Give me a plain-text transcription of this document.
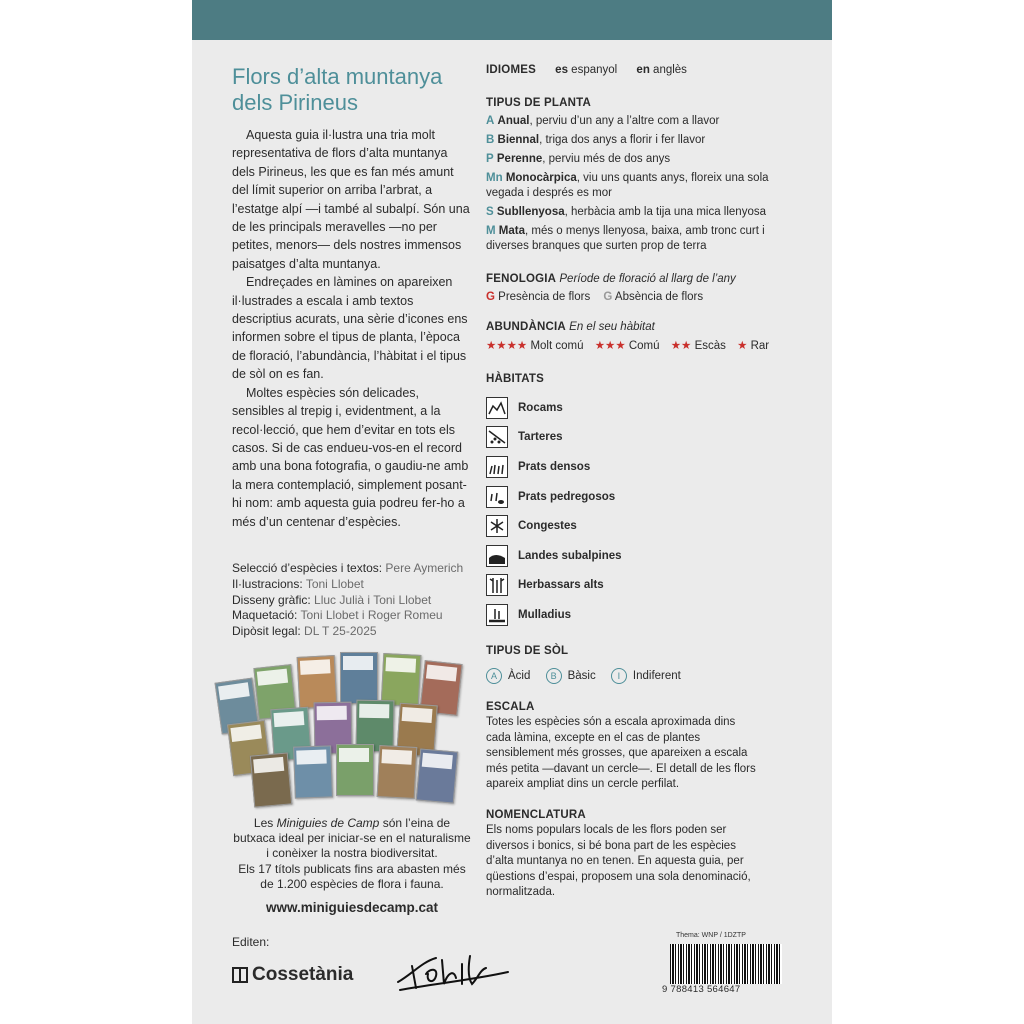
Flors d’alta muntanya
dels Pirineus

Aquesta guia il·lustra una tria molt representativa de flors d’alta muntanya dels Pirineus, les que es fan més amunt del límit superior on arriba l’arbrat, a l’estatge alpí —i també al subalpí. Són una de les principals meravelles —no per petites, menors— dels nostres immensos paisatges d’alta muntanya.

Endreçades en làmines on apareixen il·lustrades a escala i amb textos descriptius acurats, una sèrie d’icones ens informen sobre el tipus de planta, l’època de floració, l’abundància, l’hàbitat i el tipus de sòl on es fan.

Moltes espècies són delicades, sensibles al trepig i, evidentment, a la recol·lecció, que hem d’evitar en tots els casos. Si de cas endueu-vos-en el record amb una bona fotografia, o gaudiu-ne amb la mera contemplació, simplement posant-hi nom: amb aquesta guia podreu fer-ho a més d’un centenar d’espècies.

Selecció d’espècies i textos: Pere Aymerich
Il·lustracions: Toni Llobet
Disseny gràfic: Lluc Julià i Toni Llobet
Maquetació: Toni Llobet i Roger Romeu
Dipòsit legal: DL T 25-2025
Les Miniguies de Camp són l’eina de butxaca ideal per iniciar-se en el naturalisme i conèixer la nostra biodiversitat.
Els 17 títols publicats fins ara abasten més de 1.200 espècies de flora i fauna.
www.miniguiesdecamp.cat
Editen:
Cossetània
IDIOMES es espanyol en anglès
TIPUS DE PLANTA

A Anual, perviu d’un any a l’altre com a llavor

B Biennal, triga dos anys a florir i fer llavor

P Perenne, perviu més de dos anys

Mn Monocàrpica, viu uns quants anys, floreix una sola vegada i després es mor

S Subllenyosa, herbàcia amb la tija una mica llenyosa

M Mata, més o menys llenyosa, baixa, amb tronc curt i diverses branques que surten prop de terra

FENOLOGIA Període de floració al llarg de l’any

G Presència de flors G Absència de flors

ABUNDÀNCIA En el seu hàbitat

★★★★ Molt comú ★★★ Comú ★★ Escàs ★ Rar

HÀBITATS
Rocams
Tarteres
Prats densos
Prats pedregosos
Congestes
Landes subalpines
Herbassars alts
Mulladius
TIPUS DE SÒL
A Àcid
	B Bàsic
	I	Indiferent
ESCALA

Totes les espècies són a escala aproximada dins cada làmina, excepte en el cas de plantes sensiblement més grosses, que apareixen a escala més petita —davant un cercle—. El detall de les flors apareix ampliat dins un cercle perfilat.

NOMENCLATURA

Els noms populars locals de les flors poden ser diversos i bonics, si bé bona part de les espècies d’alta muntanya no en tenen. En aquesta guia, per qüestions d’espai, proposem una sola denominació, normalitzada.

Thema: WNP / 1DZTP
9 788413 564647
